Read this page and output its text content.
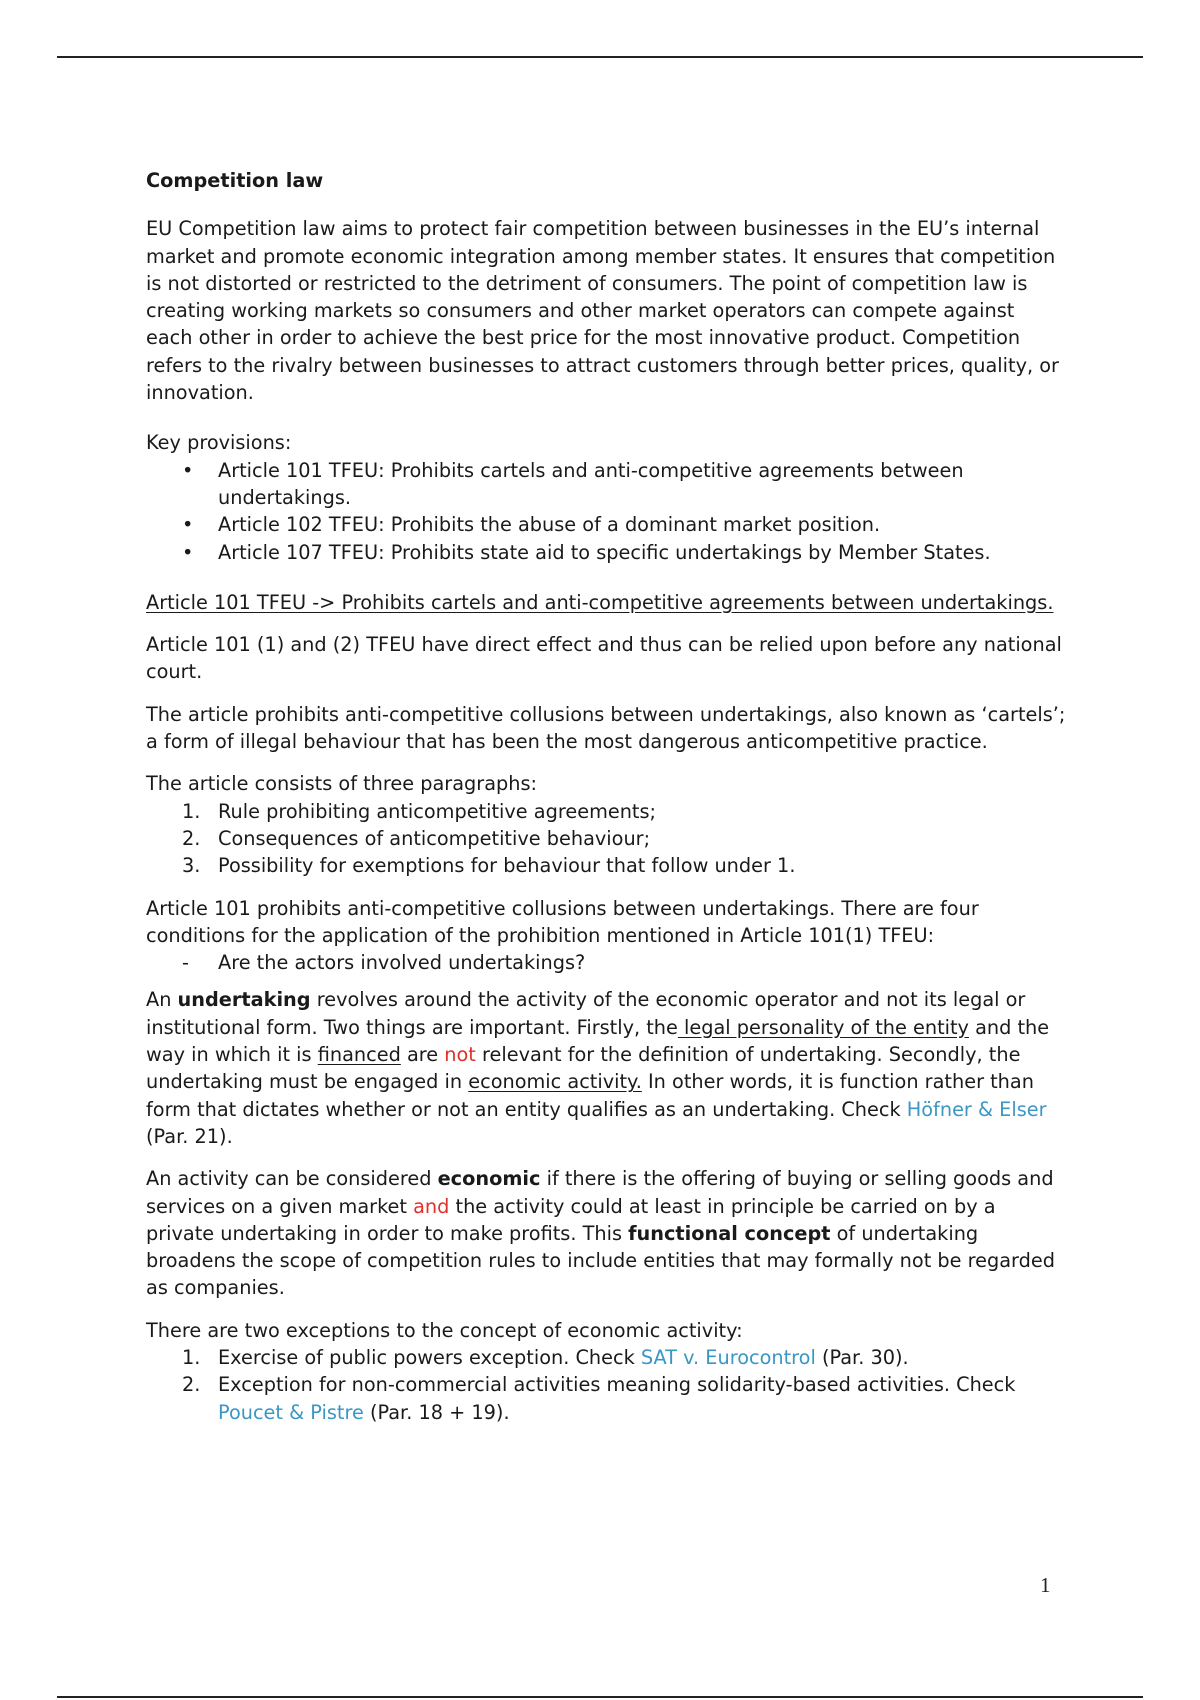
Competition law

EU Competition law aims to protect fair competition between businesses in the EU’s internal market and promote economic integration among member states. It ensures that competition is not distorted or restricted to the detriment of consumers. The point of competition law is creating working markets so consumers and other market operators can compete against each other in order to achieve the best price for the most innovative product. Competition refers to the rivalry between businesses to attract customers through better prices, quality, or innovation.

Key provisions:

• Article 101 TFEU: Prohibits cartels and anti-competitive agreements between undertakings.
• Article 102 TFEU: Prohibits the abuse of a dominant market position.
• Article 107 TFEU: Prohibits state aid to specific undertakings by Member States.

Article 101 TFEU -> Prohibits cartels and anti-competitive agreements between undertakings.

Article 101 (1) and (2) TFEU have direct effect and thus can be relied upon before any national court.

The article prohibits anti-competitive collusions between undertakings, also known as ‘cartels’; a form of illegal behaviour that has been the most dangerous anticompetitive practice.

The article consists of three paragraphs:

1. Rule prohibiting anticompetitive agreements;
2. Consequences of anticompetitive behaviour;
3. Possibility for exemptions for behaviour that follow under 1.

Article 101 prohibits anti-competitive collusions between undertakings. There are four conditions for the application of the prohibition mentioned in Article 101(1) TFEU:

- Are the actors involved undertakings?

An undertaking revolves around the activity of the economic operator and not its legal or institutional form. Two things are important. Firstly, the legal personality of the entity and the way in which it is financed are not relevant for the definition of undertaking. Secondly, the undertaking must be engaged in economic activity. In other words, it is function rather than form that dictates whether or not an entity qualifies as an undertaking. Check Höfner & Elser (Par. 21).

An activity can be considered economic if there is the offering of buying or selling goods and services on a given market and the activity could at least in principle be carried on by a private undertaking in order to make profits. This functional concept of undertaking broadens the scope of competition rules to include entities that may formally not be regarded as companies.

There are two exceptions to the concept of economic activity:

1. Exercise of public powers exception. Check SAT v. Eurocontrol (Par. 30).
2. Exception for non-commercial activities meaning solidarity-based activities. Check Poucet & Pistre (Par. 18 + 19).
1
